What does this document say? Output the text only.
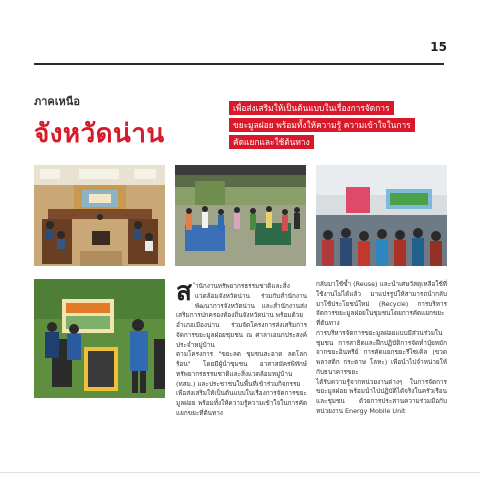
15
ภาคเหนือ
จังหวัดน่าน
เพื่อส่งเสริมให้เป็นต้นแบบในเรื่องการจัดการ
ขยะมูลฝอย พร้อมทั้งให้ความรู้ ความเข้าใจในการ
คัดแยกและใช้ต้นทาง
ส ำนักงานทรัพยากรธรรมชาติและสิ่งแวดล้อมจังหวัดน่าน ร่วมกับสำนักงานพัฒนาการจังหวัดน่าน และสำนักงานส่งเสริมการปกครองท้องถิ่นจังหวัดน่าน พร้อมด้วย

อำเภอเมืองน่าน ร่วมจัดโครงการส่งเสริมการจัดการขยะมูลฝอยชุมชน ณ ศาลาเอนกประสงค์ประจำหมู่บ้าน

ตามโครงการ "ขยะลด ชุมชนสะอาด ลดโลกร้อน" โดยมีผู้นำชุมชน อาสาสมัครพิทักษ์ทรัพยากรธรรมชาติและสิ่งแวดล้อมหมู่บ้าน (ทสม.) และประชาชนในพื้นที่เข้าร่วมกิจกรรม

เพื่อส่งเสริมให้เป็นต้นแบบในเรื่องการจัดการขยะมูลฝอย พร้อมทั้งให้ความรู้ความเข้าใจในการคัดแยกขยะที่ต้นทาง

กลับมาใช้ซ้ำ (Reuse) และนำเศษวัสดุเหลือใช้ที่ใช้งานไม่ได้แล้ว มาแปรรูปให้สามารถนำกลับมาใช้ประโยชน์ใหม่ (Recycle) การบริหารจัดการขยะมูลฝอยในชุมชนโดยการคัดแยกขยะที่ต้นทาง

การบริหารจัดการขยะมูลฝอยแบบมีส่วนร่วมในชุมชน การสาธิตและฝึกปฏิบัติการจัดทำปุ๋ยหมักจากขยะอินทรีย์ การคัดแยกขยะรีไซเคิล (ขวดพลาสติก กระดาษ โลหะ) เพื่อนำไปจำหน่ายให้กับธนาคารขยะ

ได้รับความรู้จากหน่วยงานต่างๆ ในการจัดการขยะมูลฝอย พร้อมนำไปปฏิบัติได้จริงในครัวเรือนและชุมชน ด้วยการประสานความร่วมมือกับหน่วยงาน Energy Mobile Unit
